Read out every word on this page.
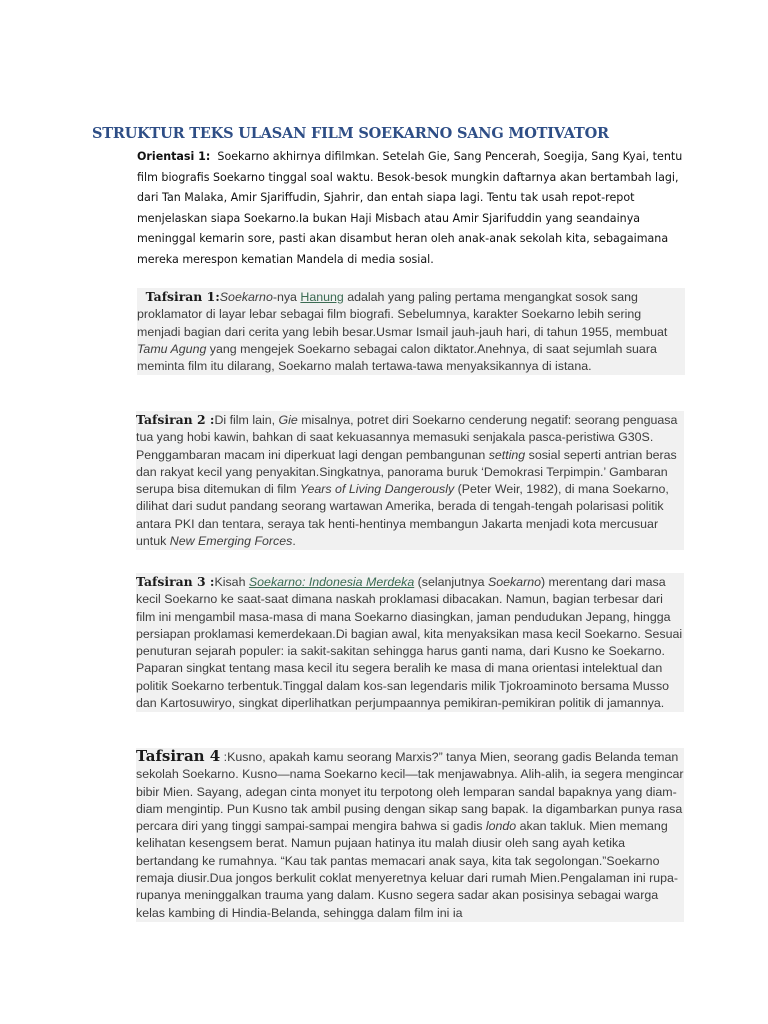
STRUKTUR TEKS ULASAN FILM SOEKARNO SANG MOTIVATOR

Orientasi 1: Soekarno akhirnya difilmkan. Setelah Gie, Sang Pencerah, Soegija, Sang Kyai, tentu film biografis Soekarno tinggal soal waktu. Besok-besok mungkin daftarnya akan bertambah lagi, dari Tan Malaka, Amir Sjariffudin, Sjahrir, dan entah siapa lagi. Tentu tak usah repot-repot menjelaskan siapa Soekarno.Ia bukan Haji Misbach atau Amir Sjarifuddin yang seandainya meninggal kemarin sore, pasti akan disambut heran oleh anak-anak sekolah kita, sebagaimana mereka merespon kematian Mandela di media sosial.

Tafsiran 1:Soekarno-nya Hanung adalah yang paling pertama mengangkat sosok sang proklamator di layar lebar sebagai film biografi. Sebelumnya, karakter Soekarno lebih sering menjadi bagian dari cerita yang lebih besar.Usmar Ismail jauh-jauh hari, di tahun 1955, membuat Tamu Agung yang mengejek Soekarno sebagai calon diktator.Anehnya, di saat sejumlah suara meminta film itu dilarang, Soekarno malah tertawa-tawa menyaksikannya di istana.

Tafsiran 2 :Di film lain, Gie misalnya, potret diri Soekarno cenderung negatif: seorang penguasa tua yang hobi kawin, bahkan di saat kekuasannya memasuki senjakala pasca-peristiwa G30S. Penggambaran macam ini diperkuat lagi dengan pembangunan setting sosial seperti antrian beras dan rakyat kecil yang penyakitan.Singkatnya, panorama buruk ‘Demokrasi Terpimpin.’ Gambaran serupa bisa ditemukan di film Years of Living Dangerously (Peter Weir, 1982), di mana Soekarno, dilihat dari sudut pandang seorang wartawan Amerika, berada di tengah-tengah polarisasi politik antara PKI dan tentara, seraya tak henti-hentinya membangun Jakarta menjadi kota mercusuar untuk New Emerging Forces.

Tafsiran 3 :Kisah Soekarno: Indonesia Merdeka (selanjutnya Soekarno) merentang dari masa kecil Soekarno ke saat-saat dimana naskah proklamasi dibacakan. Namun, bagian terbesar dari film ini mengambil masa-masa di mana Soekarno diasingkan, jaman pendudukan Jepang, hingga persiapan proklamasi kemerdekaan.Di bagian awal, kita menyaksikan masa kecil Soekarno. Sesuai penuturan sejarah populer: ia sakit-sakitan sehingga harus ganti nama, dari Kusno ke Soekarno. Paparan singkat tentang masa kecil itu segera beralih ke masa di mana orientasi intelektual dan politik Soekarno terbentuk.Tinggal dalam kos-san legendaris milik Tjokroaminoto bersama Musso dan Kartosuwiryo, singkat diperlihatkan perjumpaannya pemikiran-pemikiran politik di jamannya.

Tafsiran 4 :Kusno, apakah kamu seorang Marxis?” tanya Mien, seorang gadis Belanda teman sekolah Soekarno. Kusno—nama Soekarno kecil—tak menjawabnya. Alih-alih, ia segera mengincar bibir Mien. Sayang, adegan cinta monyet itu terpotong oleh lemparan sandal bapaknya yang diam-diam mengintip. Pun Kusno tak ambil pusing dengan sikap sang bapak. Ia digambarkan punya rasa percara diri yang tinggi sampai-sampai mengira bahwa si gadis londo akan takluk. Mien memang kelihatan kesengsem berat. Namun pujaan hatinya itu malah diusir oleh sang ayah ketika bertandang ke rumahnya. “Kau tak pantas memacari anak saya, kita tak segolongan.”Soekarno remaja diusir.Dua jongos berkulit coklat menyeretnya keluar dari rumah Mien.Pengalaman ini rupa-rupanya meninggalkan trauma yang dalam. Kusno segera sadar akan posisinya sebagai warga kelas kambing di Hindia-Belanda, sehingga dalam film ini ia
